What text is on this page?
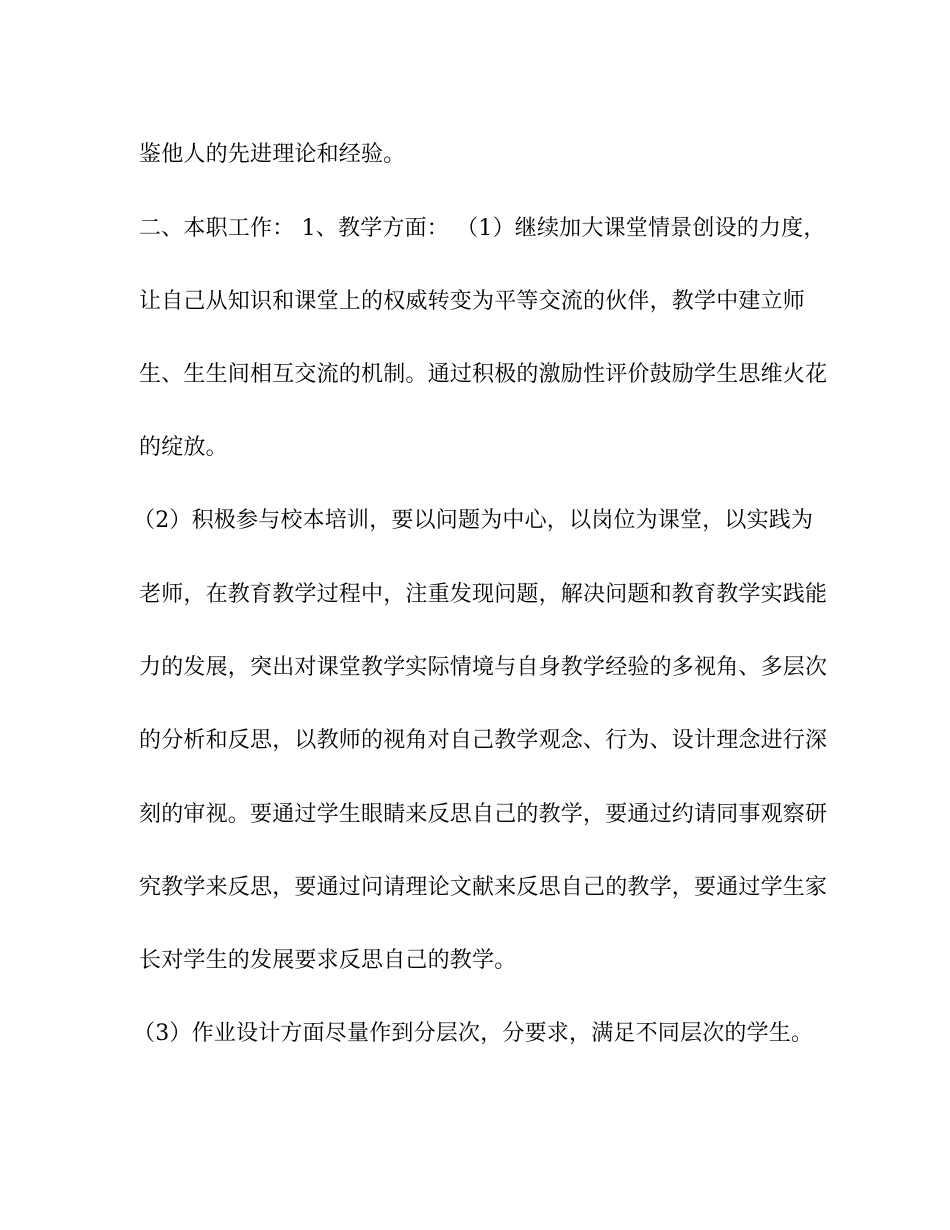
鉴他人的先进理论和经验。
二、本职工作： 1、教学方面： （1）继续加大课堂情景创设的力度，
让自己从知识和课堂上的权威转变为平等交流的伙伴，教学中建立师
生、生生间相互交流的机制。通过积极的激励性评价鼓励学生思维火花
的绽放。
（2）积极参与校本培训，要以问题为中心，以岗位为课堂，以实践为
老师，在教育教学过程中，注重发现问题，解决问题和教育教学实践能
力的发展，突出对课堂教学实际情境与自身教学经验的多视角、多层次
的分析和反思，以教师的视角对自己教学观念、行为、设计理念进行深
刻的审视。要通过学生眼睛来反思自己的教学，要通过约请同事观察研
究教学来反思，要通过问请理论文献来反思自己的教学，要通过学生家
长对学生的发展要求反思自己的教学。
（3）作业设计方面尽量作到分层次，分要求，满足不同层次的学生。
